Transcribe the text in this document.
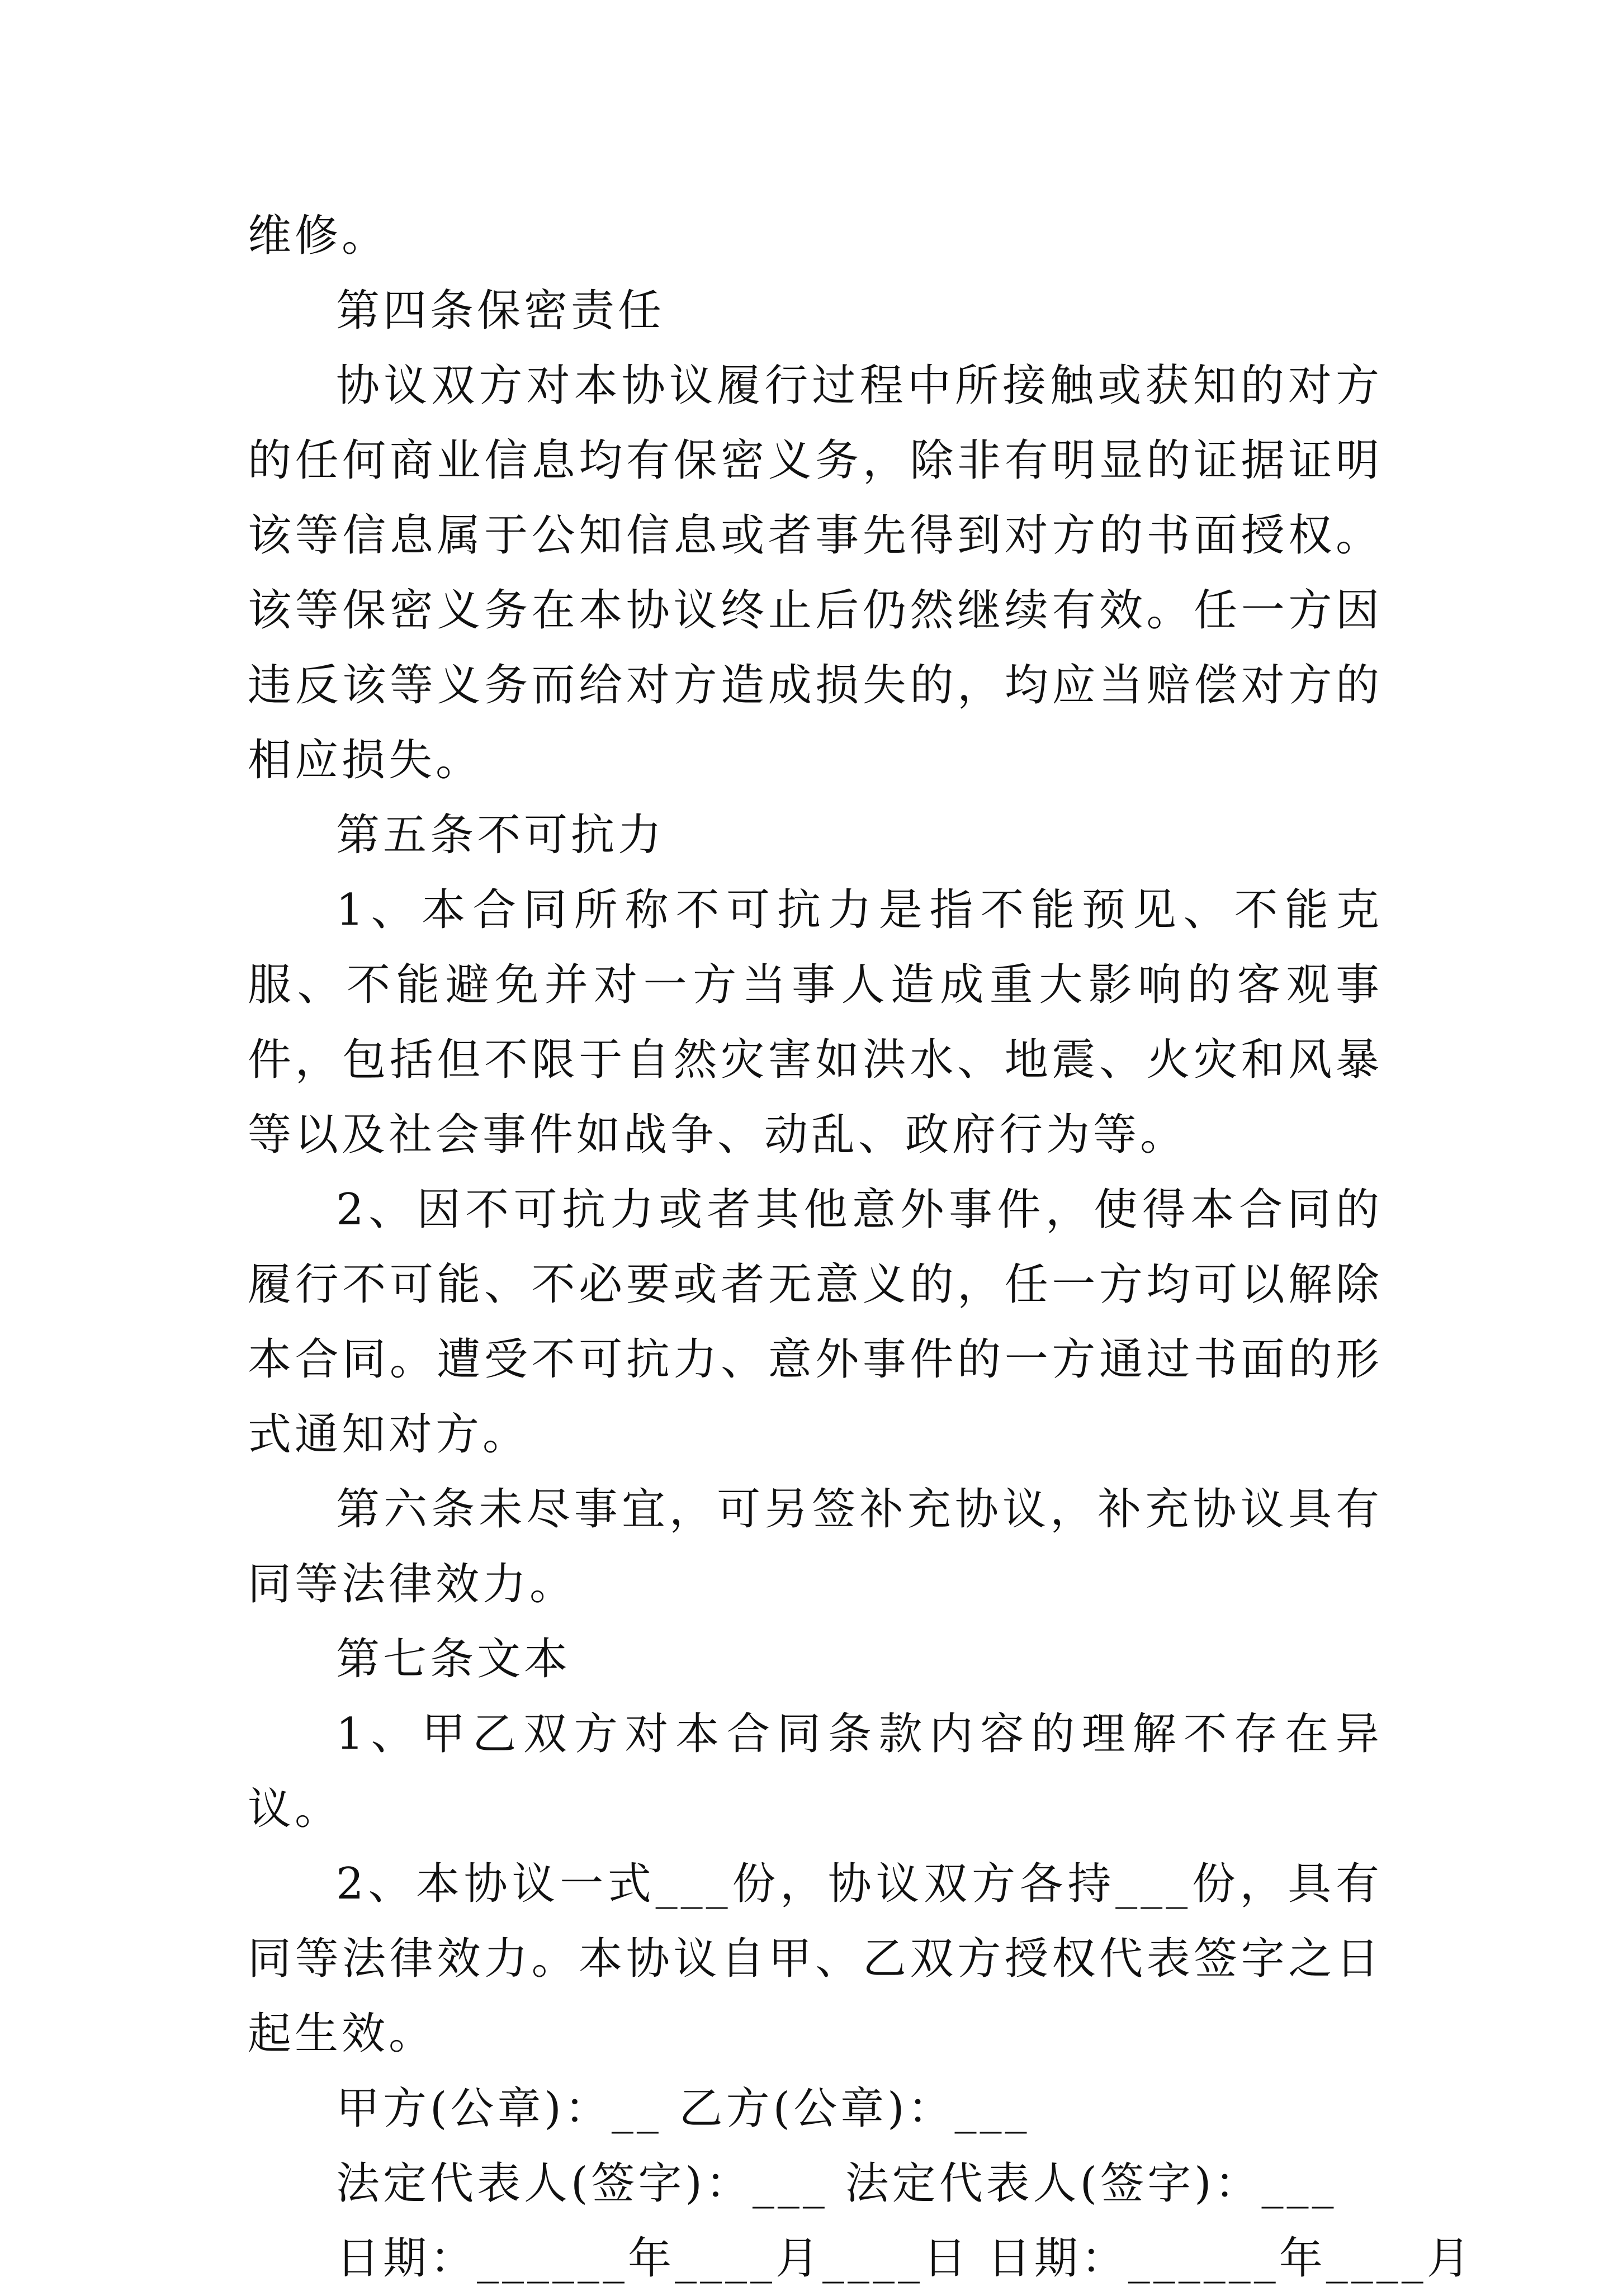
维修。

第四条保密责任

协议双方对本协议履行过程中所接触或获知的对方的任何商业信息均有保密义务，除非有明显的证据证明该等信息属于公知信息或者事先得到对方的书面授权。该等保密义务在本协议终止后仍然继续有效。任一方因违反该等义务而给对方造成损失的，均应当赔偿对方的相应损失。

第五条不可抗力

1、本合同所称不可抗力是指不能预见、不能克服、不能避免并对一方当事人造成重大影响的客观事件，包括但不限于自然灾害如洪水、地震、火灾和风暴等以及社会事件如战争、动乱、政府行为等。

2、因不可抗力或者其他意外事件，使得本合同的履行不可能、不必要或者无意义的，任一方均可以解除本合同。遭受不可抗力、意外事件的一方通过书面的形式通知对方。

第六条未尽事宜，可另签补充协议，补充协议具有同等法律效力。

第七条文本

1、甲乙双方对本合同条款内容的理解不存在异议。

2、本协议一式___份，协议双方各持___份，具有同等法律效力。本协议自甲、乙双方授权代表签字之日起生效。

甲方(公章)：__ 乙方(公章)：___

法定代表人(签字)：___ 法定代表人(签字)：___

日期：______年____月____日 日期：______年____月
